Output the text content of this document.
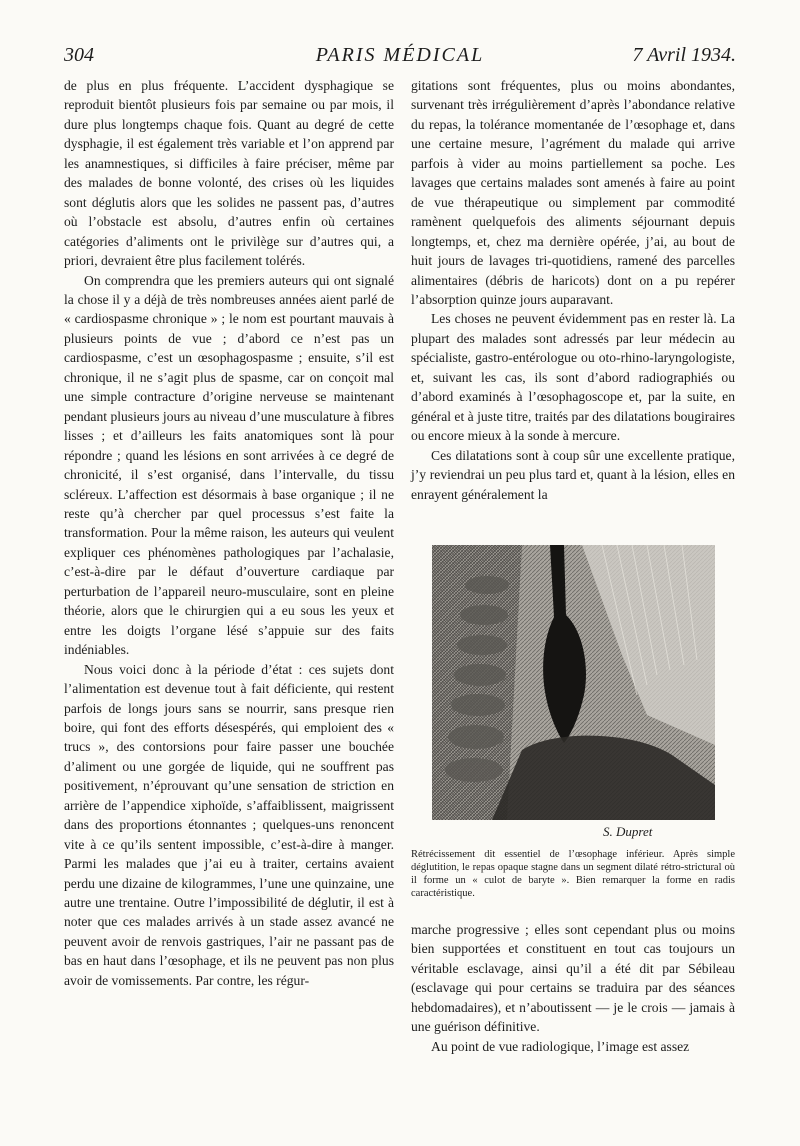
304	PARIS MÉDICAL	7 Avril 1934.

de plus en plus fréquente. L’accident dysphagique se reproduit bientôt plusieurs fois par semaine ou par mois, il dure plus longtemps chaque fois. Quant au degré de cette dysphagie, il est également très variable et l’on apprend par les anamnestiques, si difficiles à faire préciser, même par des malades de bonne volonté, des crises où les liquides sont déglutis alors que les solides ne passent pas, d’autres où l’obstacle est absolu, d’autres enfin où certaines catégories d’aliments ont le privilège sur d’autres qui, a priori, devraient être plus facilement tolérés.

On comprendra que les premiers auteurs qui ont signalé la chose il y a déjà de très nombreuses années aient parlé de « cardiospasme chronique » ; le nom est pourtant mauvais à plusieurs points de vue ; d’abord ce n’est pas un cardiospasme, c’est un œsophagospasme ; ensuite, s’il est chronique, il ne s’agit plus de spasme, car on conçoit mal une simple contracture d’origine nerveuse se maintenant pendant plusieurs jours au niveau d’une musculature à fibres lisses ; et d’ailleurs les faits anatomiques sont là pour répondre ; quand les lésions en sont arrivées à ce degré de chronicité, il s’est organisé, dans l’intervalle, du tissu scléreux. L’affection est désormais à base organique ; il ne reste qu’à chercher par quel processus s’est faite la transformation. Pour la même raison, les auteurs qui veulent expliquer ces phénomènes pathologiques par l’achalasie, c’est-à-dire par le défaut d’ouverture cardiaque par perturbation de l’appareil neuro-musculaire, sont en pleine théorie, alors que le chirurgien qui a eu sous les yeux et entre les doigts l’organe lésé s’appuie sur des faits indéniables.

Nous voici donc à la période d’état : ces sujets dont l’alimentation est devenue tout à fait déficiente, qui restent parfois de longs jours sans se nourrir, sans presque rien boire, qui font des efforts désespérés, qui emploient des « trucs », des contorsions pour faire passer une bouchée d’aliment ou une gorgée de liquide, qui ne souffrent pas positivement, n’éprouvant qu’une sensation de striction en arrière de l’appendice xiphoïde, s’affaiblissent, maigrissent dans des proportions étonnantes ; quelques-uns renoncent vite à ce qu’ils sentent impossible, c’est-à-dire à manger. Parmi les malades que j’ai eu à traiter, certains avaient perdu une dizaine de kilogrammes, l’une une quinzaine, une autre une trentaine. Outre l’impossibilité de déglutir, il est à noter que ces malades arrivés à un stade assez avancé ne peuvent avoir de renvois gastriques, l’air ne passant pas de bas en haut dans l’œsophage, et ils ne peuvent pas non plus avoir de vomissements. Par contre, les régur-

gitations sont fréquentes, plus ou moins abondantes, survenant très irrégulièrement d’après l’abondance relative du repas, la tolérance momentanée de l’œsophage et, dans une certaine mesure, l’agrément du malade qui arrive parfois à vider au moins partiellement sa poche. Les lavages que certains malades sont amenés à faire au point de vue thérapeutique ou simplement par commodité ramènent quelquefois des aliments séjournant depuis longtemps, et, chez ma dernière opérée, j’ai, au bout de huit jours de lavages tri-quotidiens, ramené des parcelles alimentaires (débris de haricots) dont on a pu repérer l’absorption quinze jours auparavant.

Les choses ne peuvent évidemment pas en rester là. La plupart des malades sont adressés par leur médecin au spécialiste, gastro-entérologue ou oto-rhino-laryngologiste, et, suivant les cas, ils sont d’abord radiographiés ou d’abord examinés à l’œsophagoscope et, par la suite, en général et à juste titre, traités par des dilatations bougiraires ou encore mieux à la sonde à mercure.

Ces dilatations sont à coup sûr une excellente pratique, j’y reviendrai un peu plus tard et, quant à la lésion, elles en enrayent généralement la

S. Dupret

Rétrécissement dit essentiel de l’œsophage inférieur. Après simple déglutition, le repas opaque stagne dans un segment dilaté rétro-strictural où il forme un « culot de baryte ». Bien remarquer la forme en radis caractéristique.

marche progressive ; elles sont cependant plus ou moins bien supportées et constituent en tout cas toujours un véritable esclavage, ainsi qu’il a été dit par Sébileau (esclavage qui pour certains se traduira par des séances hebdomadaires), et n’aboutissent — je le crois — jamais à une guérison définitive.

Au point de vue radiologique, l’image est assez
